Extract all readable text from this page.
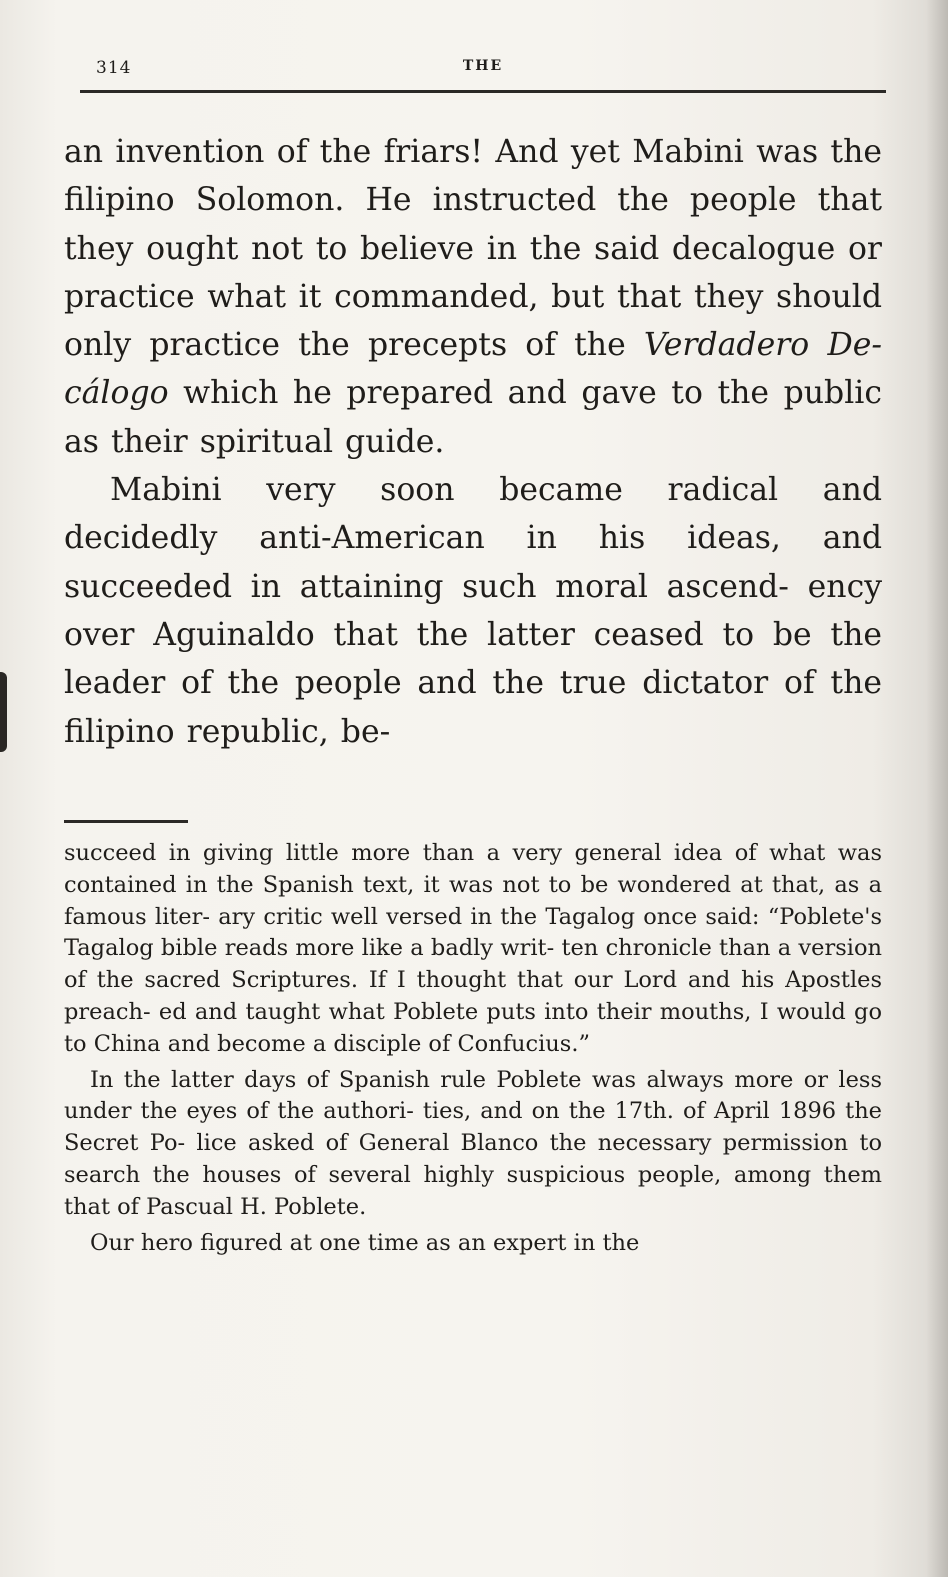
314	THE

an invention of the friars! And yet Mabini was the filipino Solomon. He instructed the people that they ought not to believe in the said decalogue or practice what it commanded, but that they should only practice the precepts of the Verdadero De- cálogo which he prepared and gave to the public as their spiritual guide.

Mabini very soon became radical and decidedly anti-American in his ideas, and succeeded in attaining such moral ascend- ency over Aguinaldo that the latter ceased to be the leader of the people and the true dictator of the filipino republic, be-

succeed in giving little more than a very general idea of what was contained in the Spanish text, it was not to be wondered at that, as a famous liter- ary critic well versed in the Tagalog once said: “Poblete's Tagalog bible reads more like a badly writ- ten chronicle than a version of the sacred Scriptures. If I thought that our Lord and his Apostles preach- ed and taught what Poblete puts into their mouths, I would go to China and become a disciple of Confucius.”

In the latter days of Spanish rule Poblete was always more or less under the eyes of the authori- ties, and on the 17th. of April 1896 the Secret Po- lice asked of General Blanco the necessary permission to search the houses of several highly suspicious people, among them that of Pascual H. Poblete.

Our hero figured at one time as an expert in the
